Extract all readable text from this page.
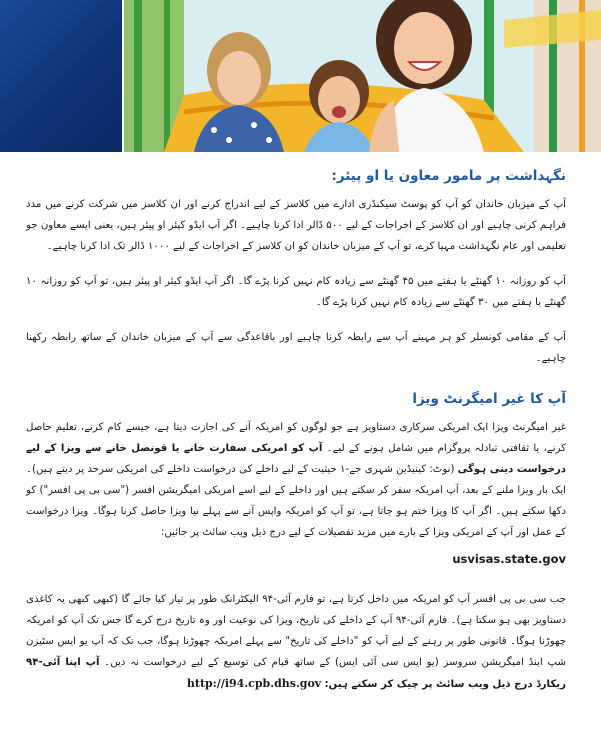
نگہداشت پر مامور معاون یا او پیئر:

آپ کے میزبان خاندان کو آپ کو پوسٹ سیکنڈری ادارے میں کلاسز کے لیے اندراج کرنے اور ان کلاسز میں شرکت کرنے میں مدد فراہم کرنی چاہیے اور ان کلاسز کے اخراجات کے لیے ۵۰۰ ڈالر ادا کرنا چاہیے۔ اگر آپ ایڈو کیئر او پیئر ہیں، یعنی ایسے معاون جو تعلیمی اور عام نگہداشت مہیا کرے، تو آپ کے میزبان خاندان کو ان کلاسز کے اخراجات کے لیے ۱۰۰۰ ڈالر تک ادا کرنا چاہیے۔

آپ کو روزانہ ۱۰ گھنٹے یا ہفتے میں ۴۵ گھنٹے سے زیادہ کام نہیں کرنا پڑے گا۔ اگر آپ ایڈو کیئر او پیئر ہیں، تو آپ کو روزانہ ۱۰ گھنٹے یا ہفتے میں ۳۰ گھنٹے سے زیادہ کام نہیں کرنا پڑے گا۔

آپ کے مقامی کونسلر کو ہر مہینے آپ سے رابطہ کرنا چاہیے اور باقاعدگی سے آپ کے میزبان خاندان کے ساتھ رابطہ رکھنا چاہیے۔

آپ کا غیر امیگرنٹ ویزا

غیر امیگرنٹ ویزا ایک امریکی سرکاری دستاویز ہے جو لوگوں کو امریکہ آنے کی اجازت دیتا ہے، جیسے کام کرنے، تعلیم حاصل کرنے، یا ثقافتی تبادلہ پروگرام میں شامل ہونے کے لیے۔ آپ کو امریکی سفارت خانے یا قونصل خانے سے ویزا کے لیے درخواست دینی ہوگی (نوٹ: کینیڈین شہری جے-۱ حیثیت کے لیے داخلے کی درخواست داخلے کی امریکی سرحد پر دیتے ہیں)۔ ایک بار ویزا ملنے کے بعد، آپ امریکہ سفر کر سکتے ہیں اور داخلے کے لیے اسے امریکی امیگریشن افسر ("سی بی پی افسر") کو دکھا سکتے ہیں۔ اگر آپ کا ویزا ختم ہو جاتا ہے، تو آپ کو امریکہ واپس آنے سے پہلے نیا ویزا حاصل کرنا ہوگا۔ ویزا درخواست کے عمل اور آپ کے امریکی ویزا کے بارے میں مزید تفصیلات کے لیے درج ذیل ویب سائٹ پر جائیں:

usvisas.state.gov

جب سی بی پی افسر آپ کو امریکہ میں داخل کرتا ہے، تو فارم آئی-۹۴ الیکٹرانک طور پر تیار کیا جائے گا (کبھی کبھی یہ کاغذی دستاویز بھی ہو سکتا ہے)۔ فارم آئی-۹۴ آپ کے داخلے کی تاریخ، ویزا کی نوعیت اور وہ تاریخ درج کرے گا جس تک آپ کو امریکہ چھوڑنا ہوگا۔ قانونی طور پر رہنے کے لیے آپ کو "داخلے کی تاریخ" سے پہلے امریکہ چھوڑنا ہوگا، جب تک کہ آپ یو ایس سٹیزن شپ اینڈ امیگریشن سروسز (یو ایس سی آئی ایس) کے ساتھ قیام کی توسیع کے لیے درخواست نہ دیں۔ آپ اپنا آئی-۹۴ ریکارڈ درج ذیل ویب سائٹ پر چیک کر سکتے ہیں: http://i94.cpb.dhs.gov
